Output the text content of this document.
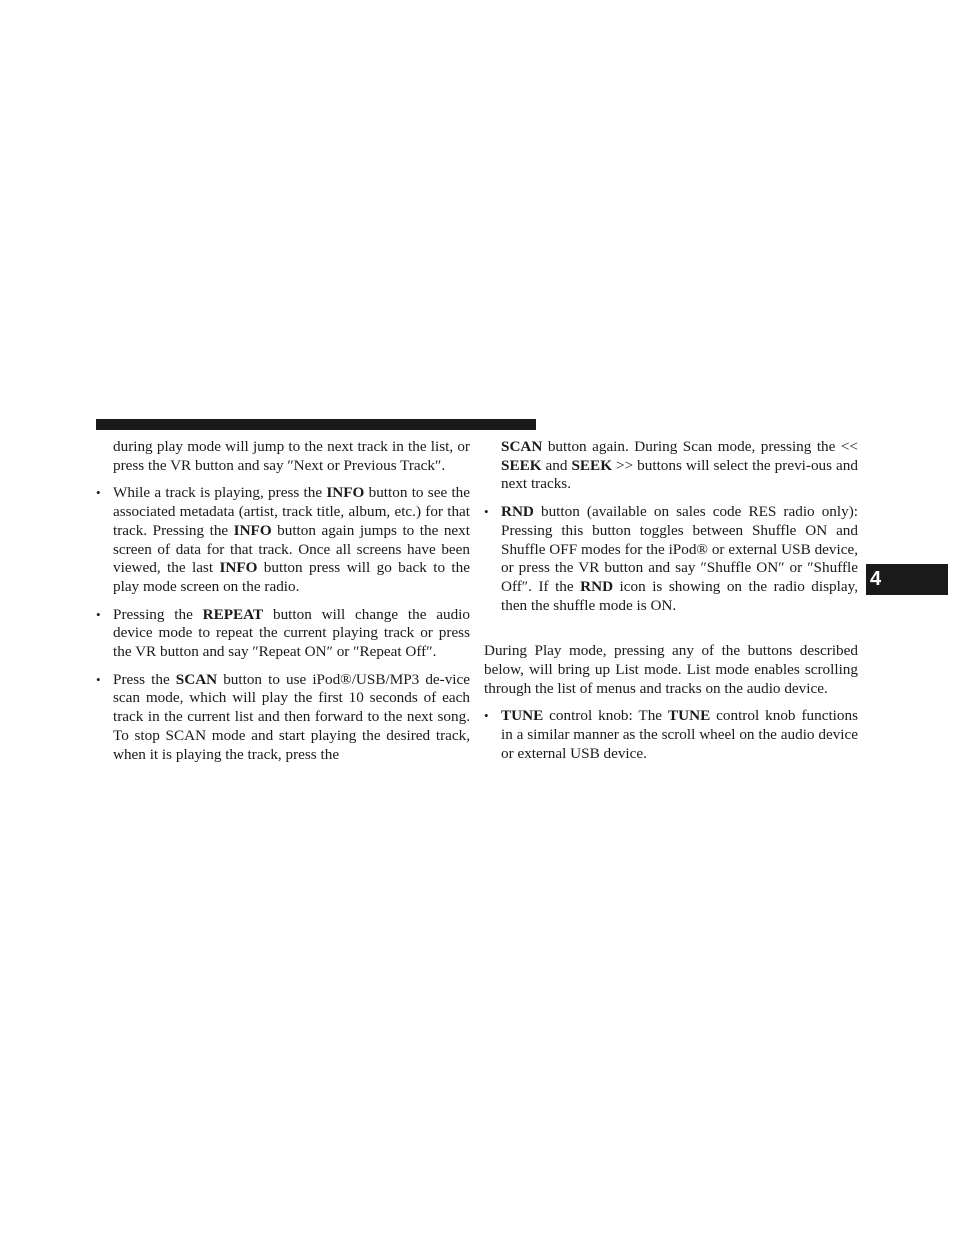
during play mode will jump to the next track in the list, or press the VR button and say ″Next or Previous Track″.

• While a track is playing, press the INFO button to see the associated metadata (artist, track title, album, etc.) for that track. Pressing the INFO button again jumps to the next screen of data for that track. Once all screens have been viewed, the last INFO button press will go back to the play mode screen on the radio.
• Pressing the REPEAT button will change the audio device mode to repeat the current playing track or press the VR button and say ″Repeat ON″ or ″Repeat Off″.
• Press the SCAN button to use iPod®/USB/MP3 de-vice scan mode, which will play the first 10 seconds of each track in the current list and then forward to the next song. To stop SCAN mode and start playing the desired track, when it is playing the track, press the

SCAN button again. During Scan mode, pressing the << SEEK and SEEK >> buttons will select the previ-ous and next tracks.

• RND button (available on sales code RES radio only): Pressing this button toggles between Shuffle ON and Shuffle OFF modes for the iPod® or external USB device, or press the VR button and say ″Shuffle ON″ or ″Shuffle Off″. If the RND icon is showing on the radio display, then the shuffle mode is ON.

During Play mode, pressing any of the buttons described below, will bring up List mode. List mode enables scrolling through the list of menus and tracks on the audio device.

• TUNE control knob: The TUNE control knob functions in a similar manner as the scroll wheel on the audio device or external USB device.
4
